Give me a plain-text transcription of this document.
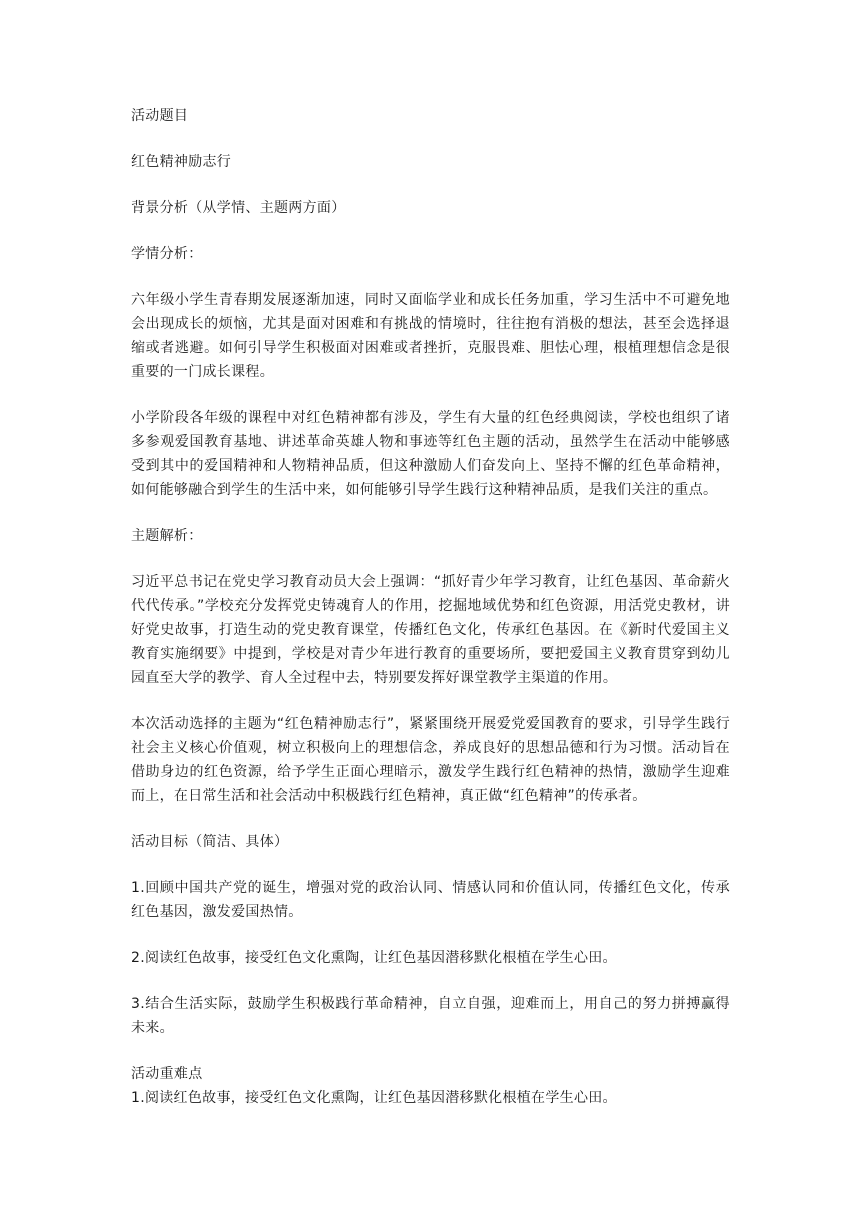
活动题目

红色精神励志行

背景分析（从学情、主题两方面）

学情分析：

六年级小学生青春期发展逐渐加速，同时又面临学业和成长任务加重，学习生活中不可避免地会出现成长的烦恼，尤其是面对困难和有挑战的情境时，往往抱有消极的想法，甚至会选择退缩或者逃避。如何引导学生积极面对困难或者挫折，克服畏难、胆怯心理，根植理想信念是很重要的一门成长课程。

小学阶段各年级的课程中对红色精神都有涉及，学生有大量的红色经典阅读，学校也组织了诸多参观爱国教育基地、讲述革命英雄人物和事迹等红色主题的活动，虽然学生在活动中能够感受到其中的爱国精神和人物精神品质，但这种激励人们奋发向上、坚持不懈的红色革命精神，如何能够融合到学生的生活中来，如何能够引导学生践行这种精神品质，是我们关注的重点。

主题解析：

习近平总书记在党史学习教育动员大会上强调：“抓好青少年学习教育，让红色基因、革命薪火代代传承。”学校充分发挥党史铸魂育人的作用，挖掘地域优势和红色资源，用活党史教材，讲好党史故事，打造生动的党史教育课堂，传播红色文化，传承红色基因。在《新时代爱国主义教育实施纲要》中提到，学校是对青少年进行教育的重要场所，要把爱国主义教育贯穿到幼儿园直至大学的教学、育人全过程中去，特别要发挥好课堂教学主渠道的作用。

本次活动选择的主题为“红色精神励志行”，紧紧围绕开展爱党爱国教育的要求，引导学生践行社会主义核心价值观，树立积极向上的理想信念，养成良好的思想品德和行为习惯。活动旨在借助身边的红色资源，给予学生正面心理暗示，激发学生践行红色精神的热情，激励学生迎难而上，在日常生活和社会活动中积极践行红色精神，真正做“红色精神”的传承者。

活动目标（简洁、具体）

1.回顾中国共产党的诞生，增强对党的政治认同、情感认同和价值认同，传播红色文化，传承红色基因，激发爱国热情。

2.阅读红色故事，接受红色文化熏陶，让红色基因潜移默化根植在学生心田。

3.结合生活实际，鼓励学生积极践行革命精神，自立自强，迎难而上，用自己的努力拼搏赢得未来。

活动重难点

1.阅读红色故事，接受红色文化熏陶，让红色基因潜移默化根植在学生心田。
